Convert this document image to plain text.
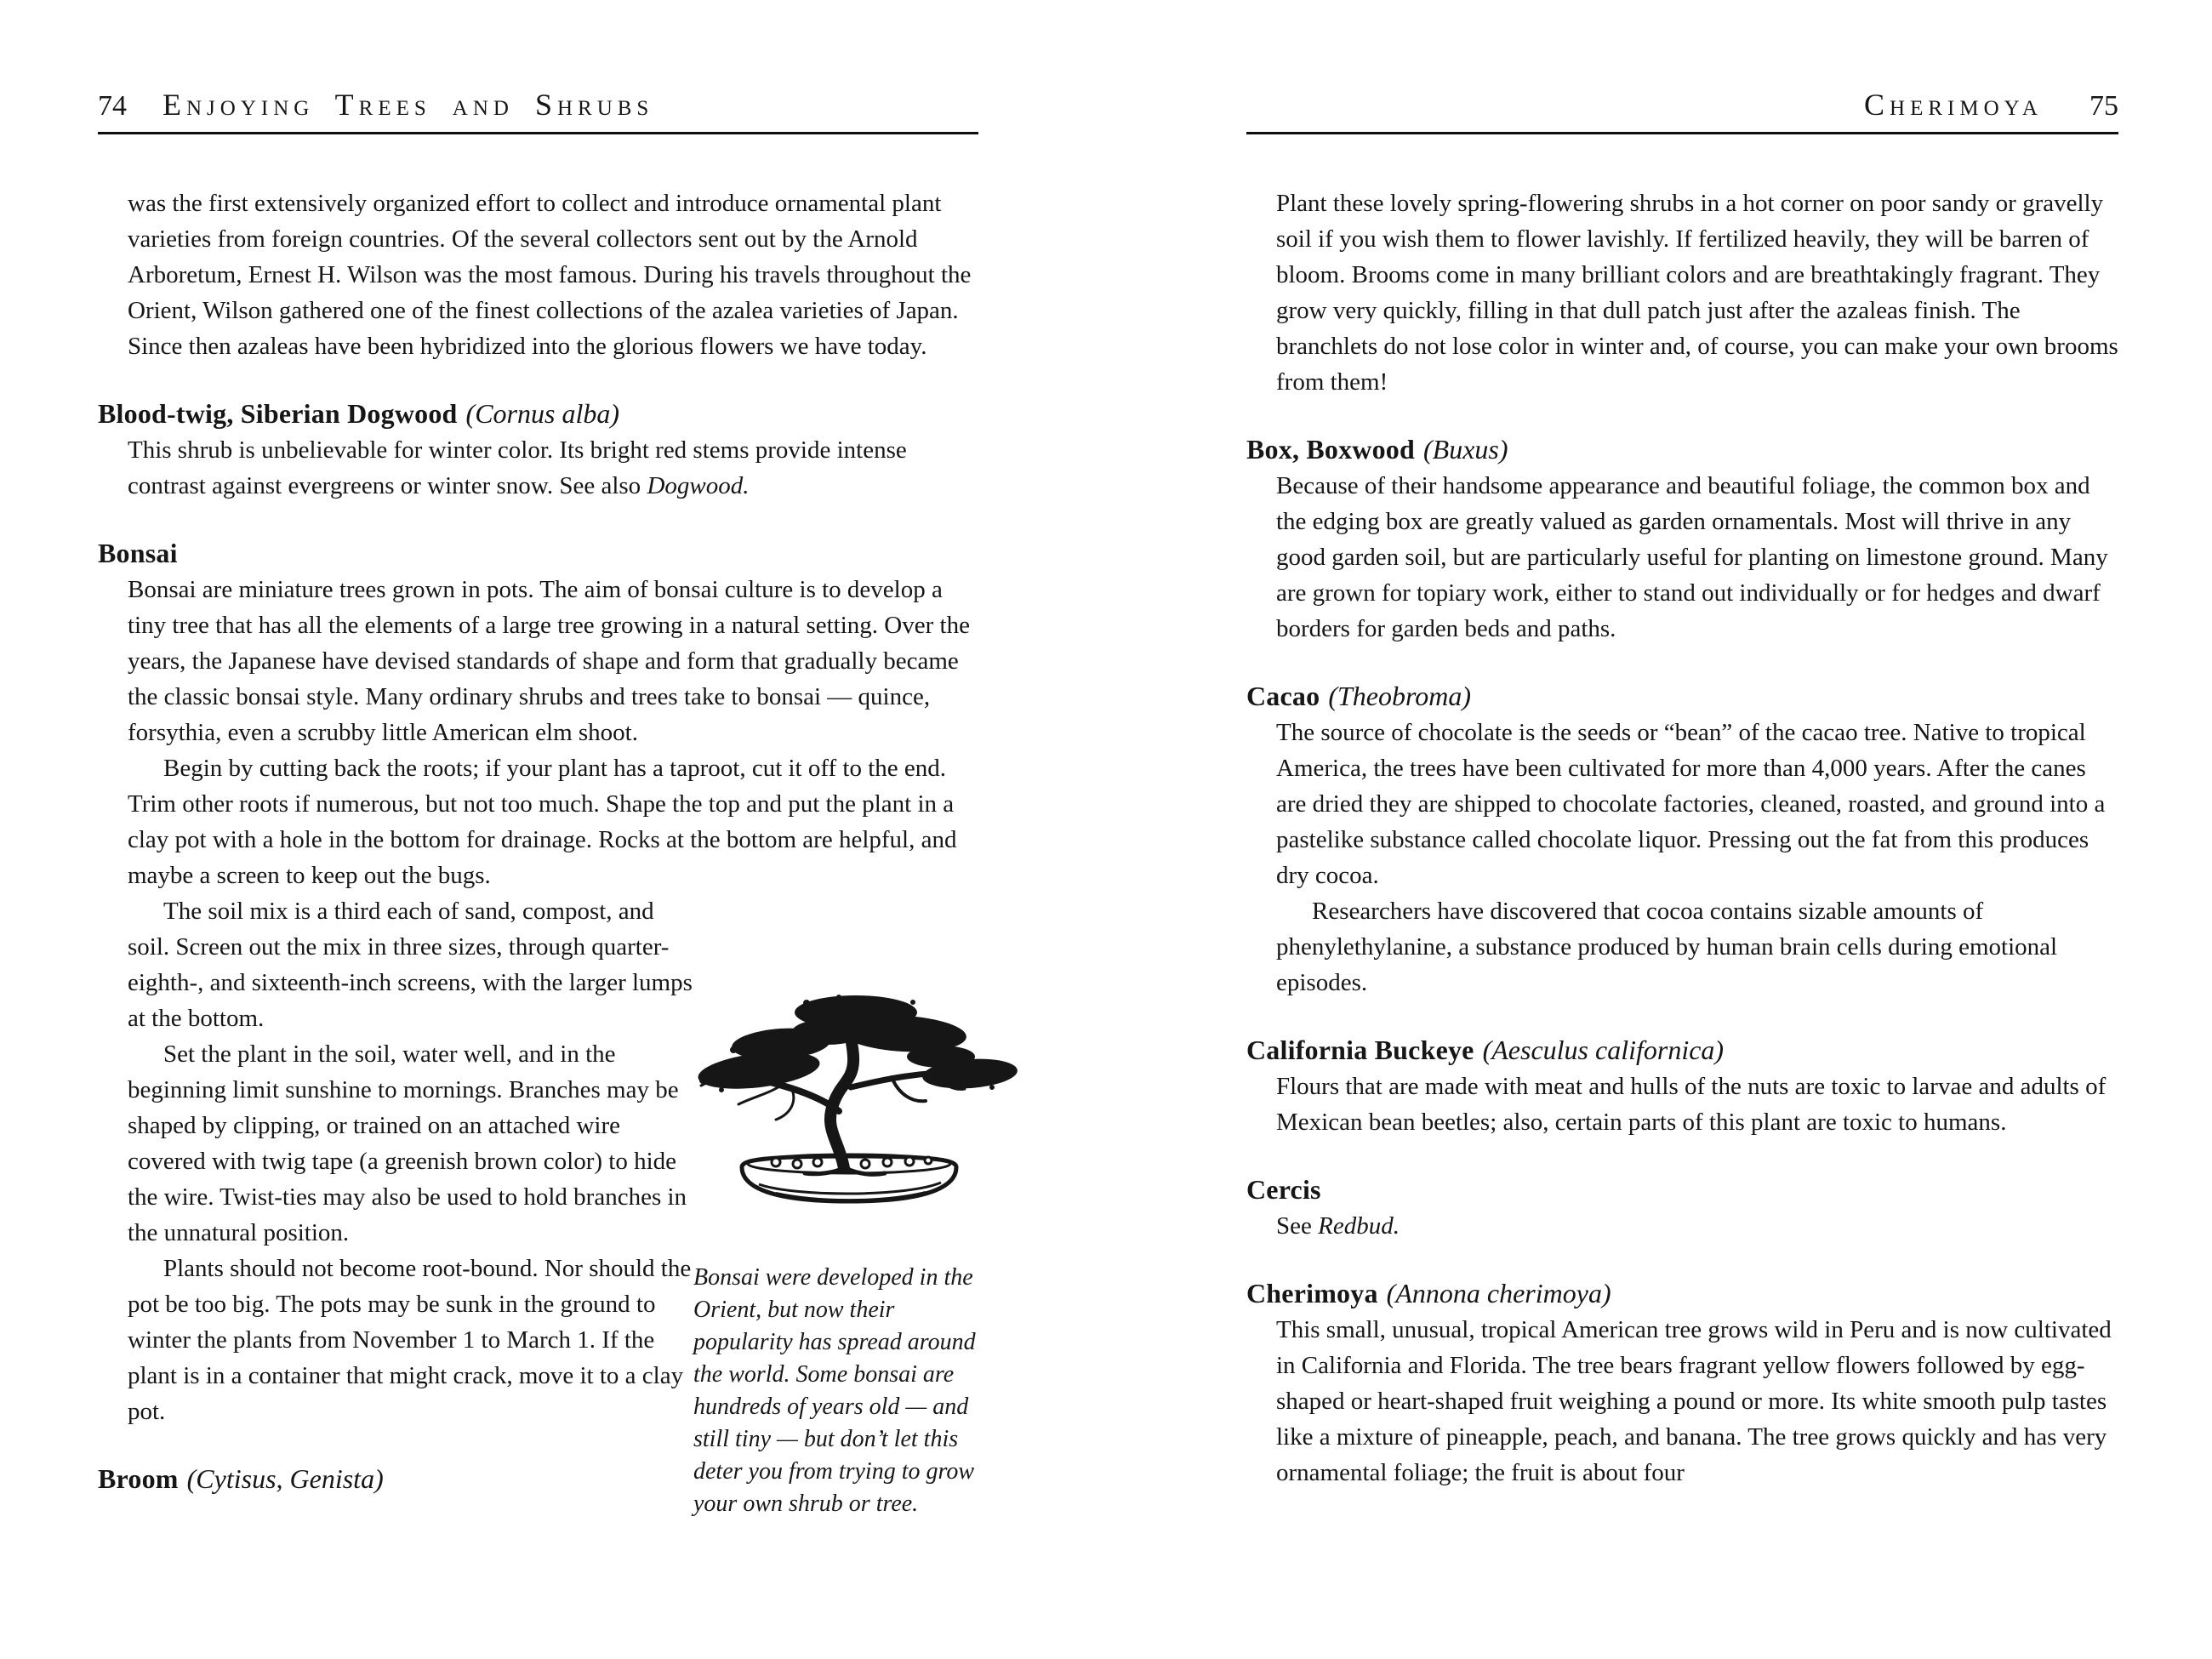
74 Enjoying Trees and Shrubs

was the first extensively organized effort to collect and introduce ornamental plant varieties from foreign countries. Of the several collectors sent out by the Arnold Arboretum, Ernest H. Wilson was the most famous. During his travels throughout the Orient, Wilson gathered one of the finest collections of the azalea varieties of Japan. Since then azaleas have been hybridized into the glorious flowers we have today.

Blood-twig, Siberian Dogwood (Cornus alba)

This shrub is unbelievable for winter color. Its bright red stems provide intense contrast against evergreens or winter snow. See also Dogwood.

Bonsai

Bonsai are miniature trees grown in pots. The aim of bonsai culture is to develop a tiny tree that has all the elements of a large tree growing in a natural setting. Over the years, the Japanese have devised standards of shape and form that gradually became the classic bonsai style. Many ordinary shrubs and trees take to bonsai — quince, forsythia, even a scrubby little American elm shoot.

Begin by cutting back the roots; if your plant has a taproot, cut it off to the end. Trim other roots if numerous, but not too much. Shape the top and put the plant in a clay pot with a hole in the bottom for drainage. Rocks at the bottom are helpful, and maybe a screen to keep out the bugs.

The soil mix is a third each of sand, compost, and soil. Screen out the mix in three sizes, through quarter- eighth-, and sixteenth-inch screens, with the larger lumps at the bottom.

Set the plant in the soil, water well, and in the beginning limit sunshine to mornings. Branches may be shaped by clipping, or trained on an attached wire covered with twig tape (a greenish brown color) to hide the wire. Twist-ties may also be used to hold branches in the unnatural position.

Plants should not become root-bound. Nor should the pot be too big. The pots may be sunk in the ground to winter the plants from November 1 to March 1. If the plant is in a container that might crack, move it to a clay pot.

Broom (Cytisus, Genista)
Bonsai were developed in the Orient, but now their popularity has spread around the world. Some bonsai are hundreds of years old — and still tiny — but don’t let this deter you from trying to grow your own shrub or tree.
Cherimoya 75

Plant these lovely spring-flowering shrubs in a hot corner on poor sandy or gravelly soil if you wish them to flower lavishly. If fertilized heavily, they will be barren of bloom. Brooms come in many brilliant colors and are breathtakingly fragrant. They grow very quickly, filling in that dull patch just after the azaleas finish. The branchlets do not lose color in winter and, of course, you can make your own brooms from them!

Box, Boxwood (Buxus)

Because of their handsome appearance and beautiful foliage, the common box and the edging box are greatly valued as garden ornamentals. Most will thrive in any good garden soil, but are particularly useful for planting on limestone ground. Many are grown for topiary work, either to stand out individually or for hedges and dwarf borders for garden beds and paths.

Cacao (Theobroma)

The source of chocolate is the seeds or “bean” of the cacao tree. Native to tropical America, the trees have been cultivated for more than 4,000 years. After the canes are dried they are shipped to chocolate factories, cleaned, roasted, and ground into a pastelike substance called chocolate liquor. Pressing out the fat from this produces dry cocoa.

Researchers have discovered that cocoa contains sizable amounts of phenylethylanine, a substance produced by human brain cells during emotional episodes.

California Buckeye (Aesculus californica)

Flours that are made with meat and hulls of the nuts are toxic to larvae and adults of Mexican bean beetles; also, certain parts of this plant are toxic to humans.

Cercis

See Redbud.

Cherimoya (Annona cherimoya)

This small, unusual, tropical American tree grows wild in Peru and is now cultivated in California and Florida. The tree bears fragrant yellow flowers followed by egg-shaped or heart-shaped fruit weighing a pound or more. Its white smooth pulp tastes like a mixture of pineapple, peach, and banana. The tree grows quickly and has very ornamental foliage; the fruit is about four
